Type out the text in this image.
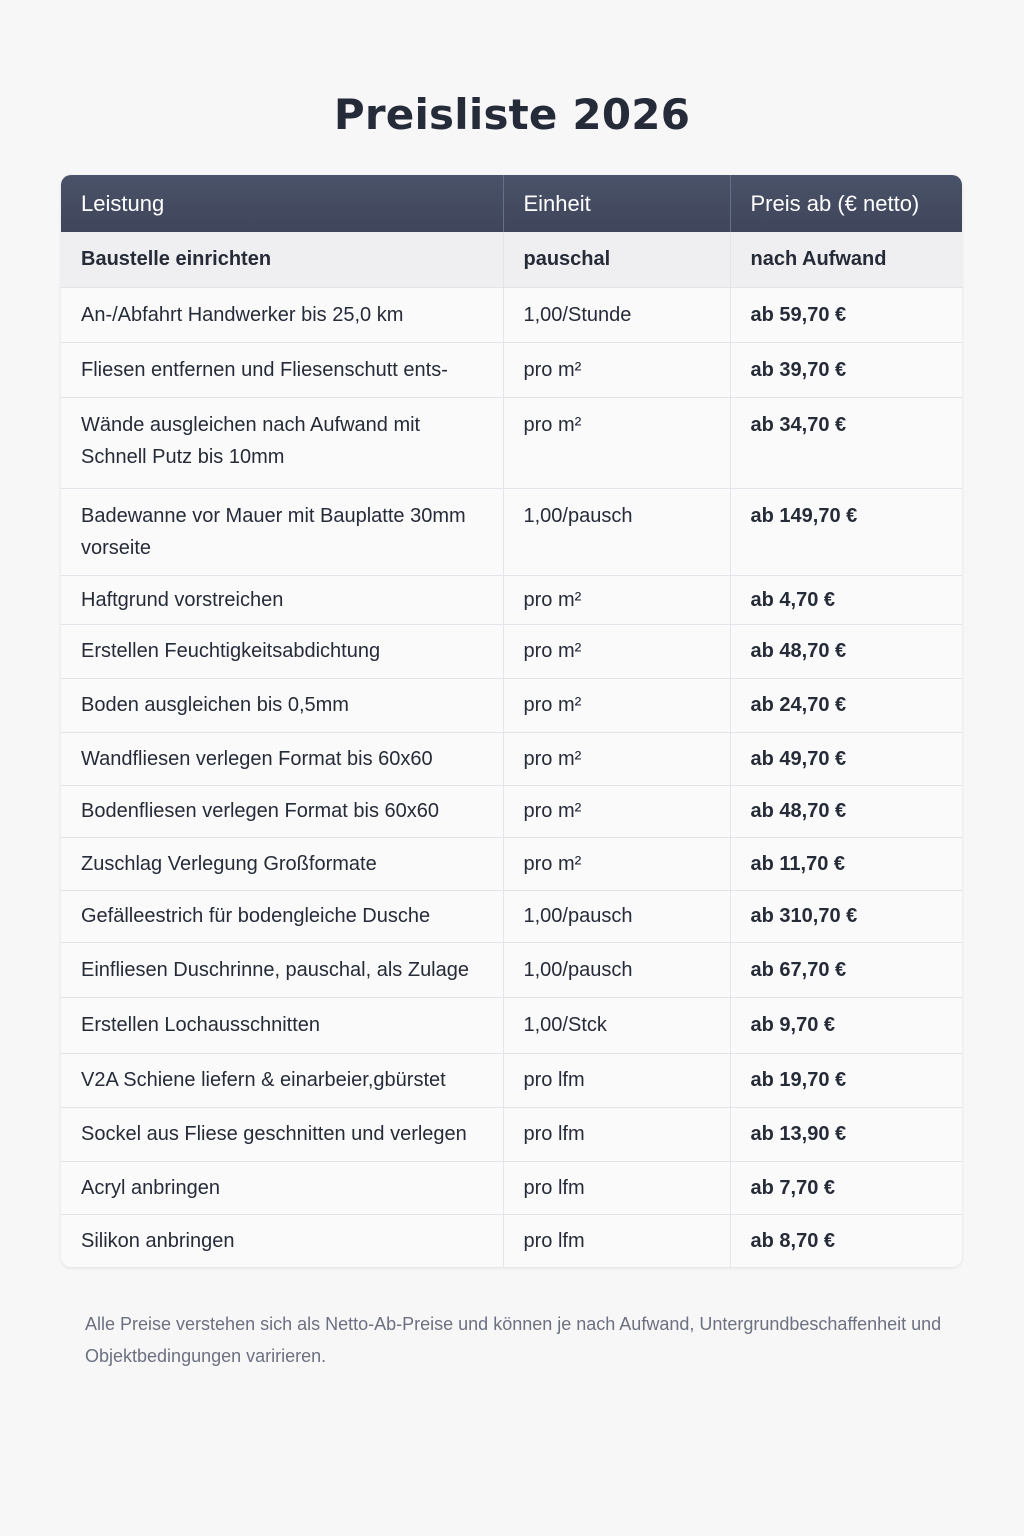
Preisliste 2026
Leistung	Einheit	Preis ab (€ netto)
Baustelle einrichten	pauschal	nach Aufwand
An-/Abfahrt Handwerker bis 25,0 km	1,00/Stunde	ab 59,70 €
Fliesen entfernen und Fliesenschutt ents-	pro m²	ab 39,70 €
Wände ausgleichen nach Aufwand mit Schnell Putz bis 10mm	pro m²	ab 34,70 €
Badewanne vor Mauer mit Bauplatte 30mm vorseite	1,00/pausch	ab 149,70 €
Haftgrund vorstreichen	pro m²	ab 4,70 €
Erstellen Feuchtigkeitsabdichtung	pro m²	ab 48,70 €
Boden ausgleichen bis 0,5mm	pro m²	ab 24,70 €
Wandfliesen verlegen Format bis 60x60	pro m²	ab 49,70 €
Bodenfliesen verlegen Format bis 60x60	pro m²	ab 48,70 €
Zuschlag Verlegung Großformate	pro m²	ab 11,70 €
Gefälleestrich für bodengleiche Dusche	1,00/pausch	ab 310,70 €
Einfliesen Duschrinne, pauschal, als Zulage	1,00/pausch	ab 67,70 €
Erstellen Lochausschnitten	1,00/Stck	ab 9,70 €
V2A Schiene liefern & einarbeier,gbürstet	pro lfm	ab 19,70 €
Sockel aus Fliese geschnitten und verlegen	pro lfm	ab 13,90 €
Acryl anbringen	pro lfm	ab 7,70 €
Silikon anbringen	pro lfm	ab 8,70 €

Alle Preise verstehen sich als Netto-Ab-Preise und können je nach Aufwand, Untergrundbeschaffenheit und Objektbedingungen varirieren.
